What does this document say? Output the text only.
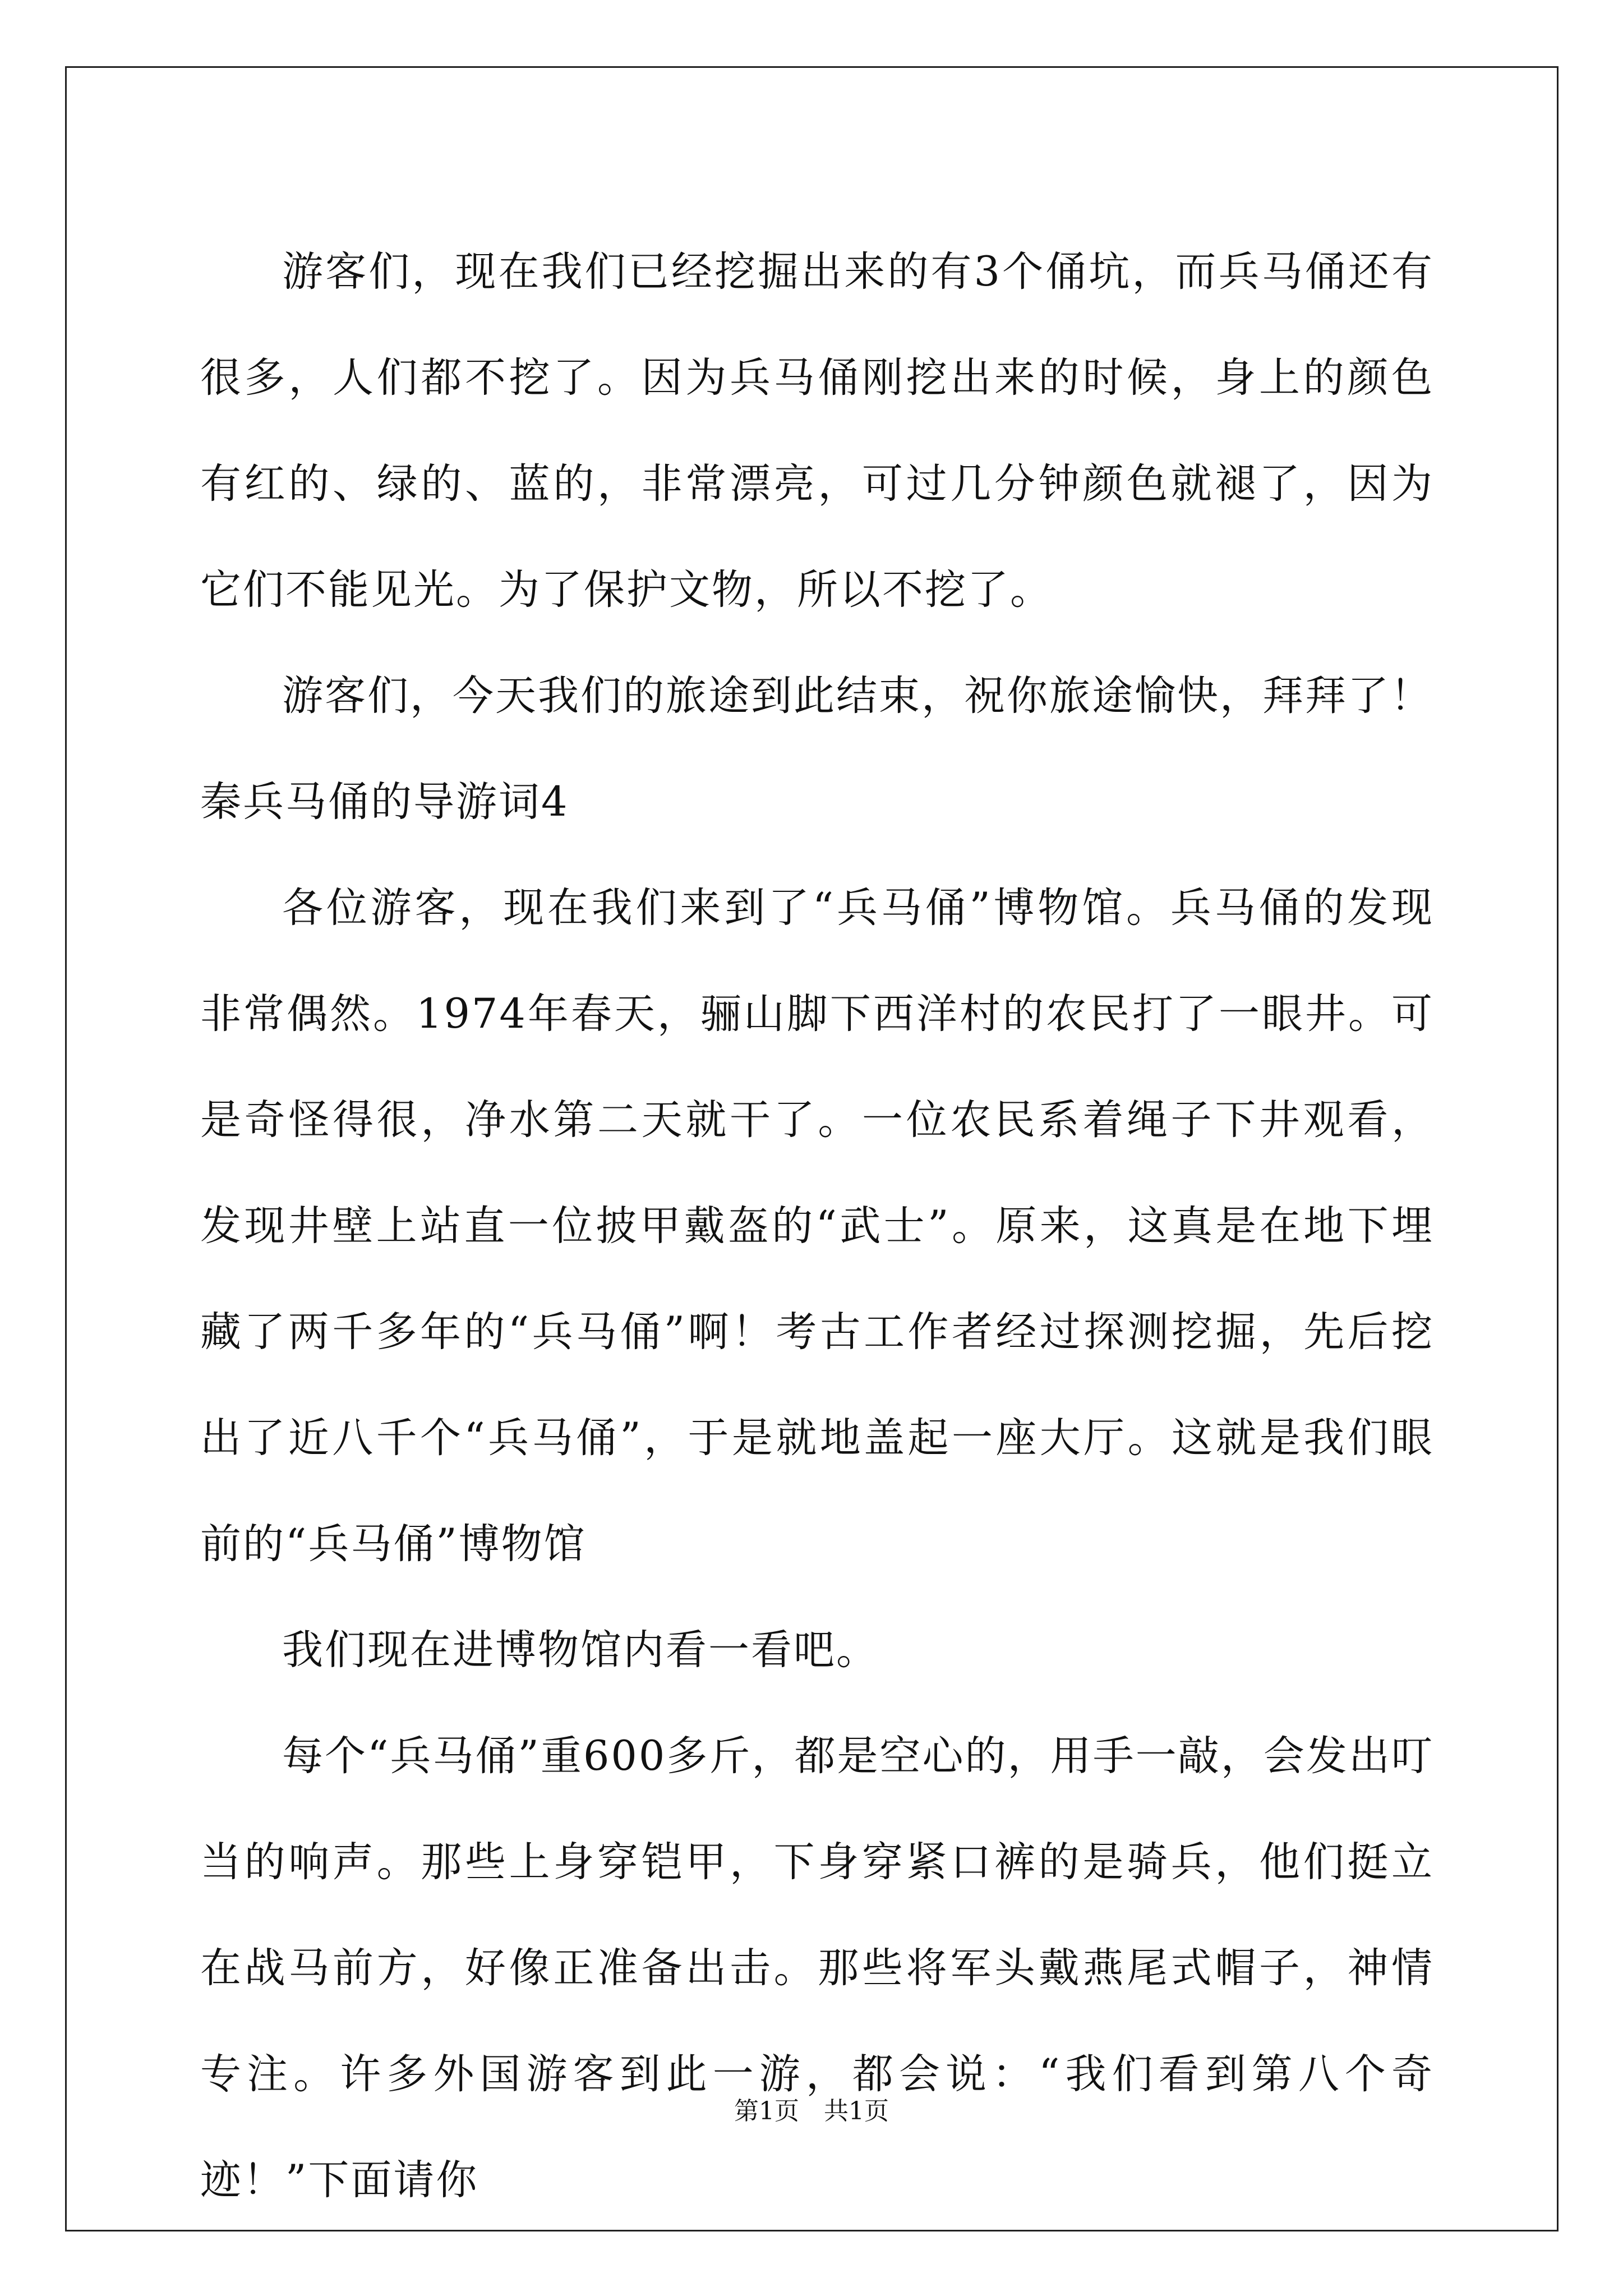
游客们，现在我们已经挖掘出来的有3个俑坑，而兵马俑还有很多，人们都不挖了。因为兵马俑刚挖出来的时候，身上的颜色有红的、绿的、蓝的，非常漂亮，可过几分钟颜色就褪了，因为它们不能见光。为了保护文物，所以不挖了。

游客们，今天我们的旅途到此结束，祝你旅途愉快，拜拜了！

秦兵马俑的导游词4

各位游客，现在我们来到了“兵马俑”博物馆。兵马俑的发现非常偶然。1974年春天，骊山脚下西洋村的农民打了一眼井。可是奇怪得很，净水第二天就干了。一位农民系着绳子下井观看，发现井壁上站直一位披甲戴盔的“武士”。原来，这真是在地下埋藏了两千多年的“兵马俑”啊！考古工作者经过探测挖掘，先后挖出了近八千个“兵马俑”，于是就地盖起一座大厅。这就是我们眼前的“兵马俑”博物馆

我们现在进博物馆内看一看吧。

每个“兵马俑”重600多斤，都是空心的，用手一敲，会发出叮当的响声。那些上身穿铠甲，下身穿紧口裤的是骑兵，他们挺立在战马前方，好像正准备出击。那些将军头戴燕尾式帽子，神情专注。许多外国游客到此一游，都会说：“我们看到第八个奇迹！”下面请你

第1页 共1页
